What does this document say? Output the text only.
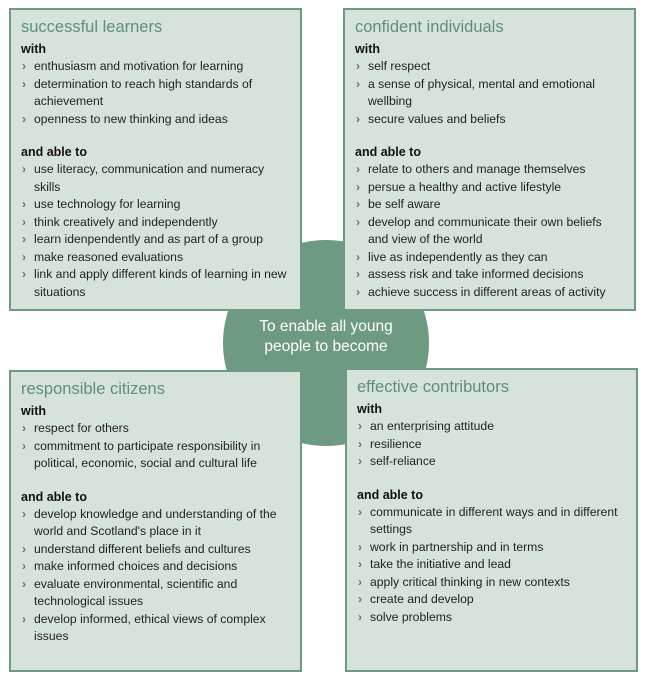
successful learners
with
› enthusiasm and motivation for learning
› determination to reach high standards of achievement
› openness to new thinking and ideas
and able to
› use literacy, communication and numeracy skills
› use technology for learning
› think creatively and independently
› learn idenpendently and as part of a group
› make reasoned evaluations
› link and apply different kinds of learning in new situations
confident individuals
with
› self respect
› a sense of physical, mental and emotional wellbing
› secure values and beliefs
and able to
› relate to others and manage themselves
› persue a healthy and active lifestyle
› be self aware
› develop and communicate their own beliefs and view of the world
› live as independently as they can
› assess risk and take informed decisions
› achieve success in different areas of activity
responsible citizens
with
› respect for others
› commitment to participate responsibility in political, economic, social and cultural life
and able to
› develop knowledge and understanding of the world and Scotland's place in it
› understand different beliefs and cultures
› make informed choices and decisions
› evaluate environmental, scientific and technological issues
› develop informed, ethical views of complex issues
effective contributors
with
› an enterprising attitude
› resilience
› self-reliance
and able to
› communicate in different ways and in different settings
› work in partnership and in terms
› take the initiative and lead
› apply critical thinking in new contexts
› create and develop
› solve problems
To enable all young
people to become
